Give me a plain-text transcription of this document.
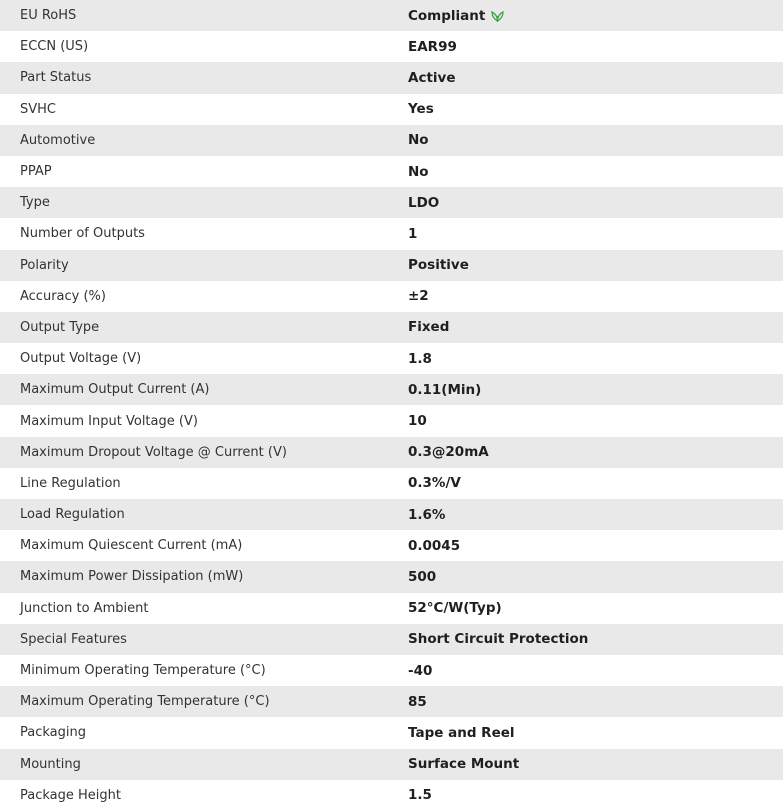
EU RoHS	Compliant
ECCN (US)	EAR99
Part Status	Active
SVHC	Yes
Automotive	No
PPAP	No
Type	LDO
Number of Outputs	1
Polarity	Positive
Accuracy (%)	±2
Output Type	Fixed
Output Voltage (V)	1.8
Maximum Output Current (A)	0.11(Min)
Maximum Input Voltage (V)	10
Maximum Dropout Voltage @ Current (V)	0.3@20mA
Line Regulation	0.3%/V
Load Regulation	1.6%
Maximum Quiescent Current (mA)	0.0045
Maximum Power Dissipation (mW)	500
Junction to Ambient	52°C/W(Typ)
Special Features	Short Circuit Protection
Minimum Operating Temperature (°C)	-40
Maximum Operating Temperature (°C)	85
Packaging	Tape and Reel
Mounting	Surface Mount
Package Height	1.5
